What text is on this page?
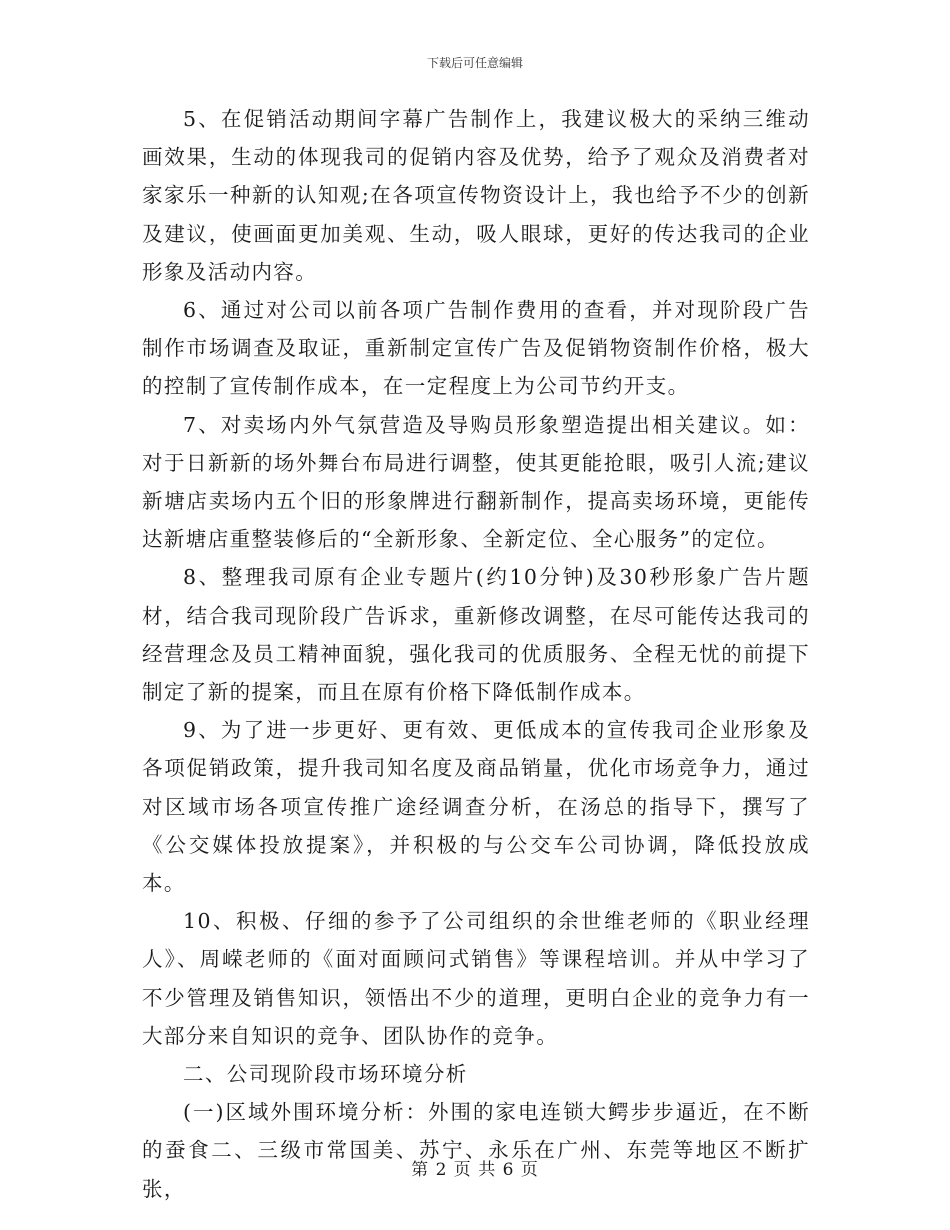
下载后可任意编辑

5、在促销活动期间字幕广告制作上，我建议极大的采纳三维动画效果，生动的体现我司的促销内容及优势，给予了观众及消费者对家家乐一种新的认知观;在各项宣传物资设计上，我也给予不少的创新及建议，使画面更加美观、生动，吸人眼球，更好的传达我司的企业形象及活动内容。

6、通过对公司以前各项广告制作费用的查看，并对现阶段广告制作市场调查及取证，重新制定宣传广告及促销物资制作价格，极大的控制了宣传制作成本，在一定程度上为公司节约开支。

7、对卖场内外气氛营造及导购员形象塑造提出相关建议。如：对于日新新的场外舞台布局进行调整，使其更能抢眼，吸引人流;建议新塘店卖场内五个旧的形象牌进行翻新制作，提高卖场环境，更能传达新塘店重整装修后的“全新形象、全新定位、全心服务”的定位。

8、整理我司原有企业专题片(约10分钟)及30秒形象广告片题材，结合我司现阶段广告诉求，重新修改调整，在尽可能传达我司的经营理念及员工精神面貌，强化我司的优质服务、全程无忧的前提下制定了新的提案，而且在原有价格下降低制作成本。

9、为了进一步更好、更有效、更低成本的宣传我司企业形象及各项促销政策，提升我司知名度及商品销量，优化市场竞争力，通过对区域市场各项宣传推广途经调查分析，在汤总的指导下，撰写了《公交媒体投放提案》，并积极的与公交车公司协调，降低投放成本。

10、积极、仔细的参予了公司组织的余世维老师的《职业经理人》、周嵘老师的《面对面顾问式销售》等课程培训。并从中学习了不少管理及销售知识，领悟出不少的道理，更明白企业的竞争力有一大部分来自知识的竞争、团队协作的竞争。

二、公司现阶段市场环境分析

(一)区域外围环境分析：外围的家电连锁大鳄步步逼近，在不断的蚕食二、三级市常国美、苏宁、永乐在广州、东莞等地区不断扩张，

第 2 页 共 6 页
